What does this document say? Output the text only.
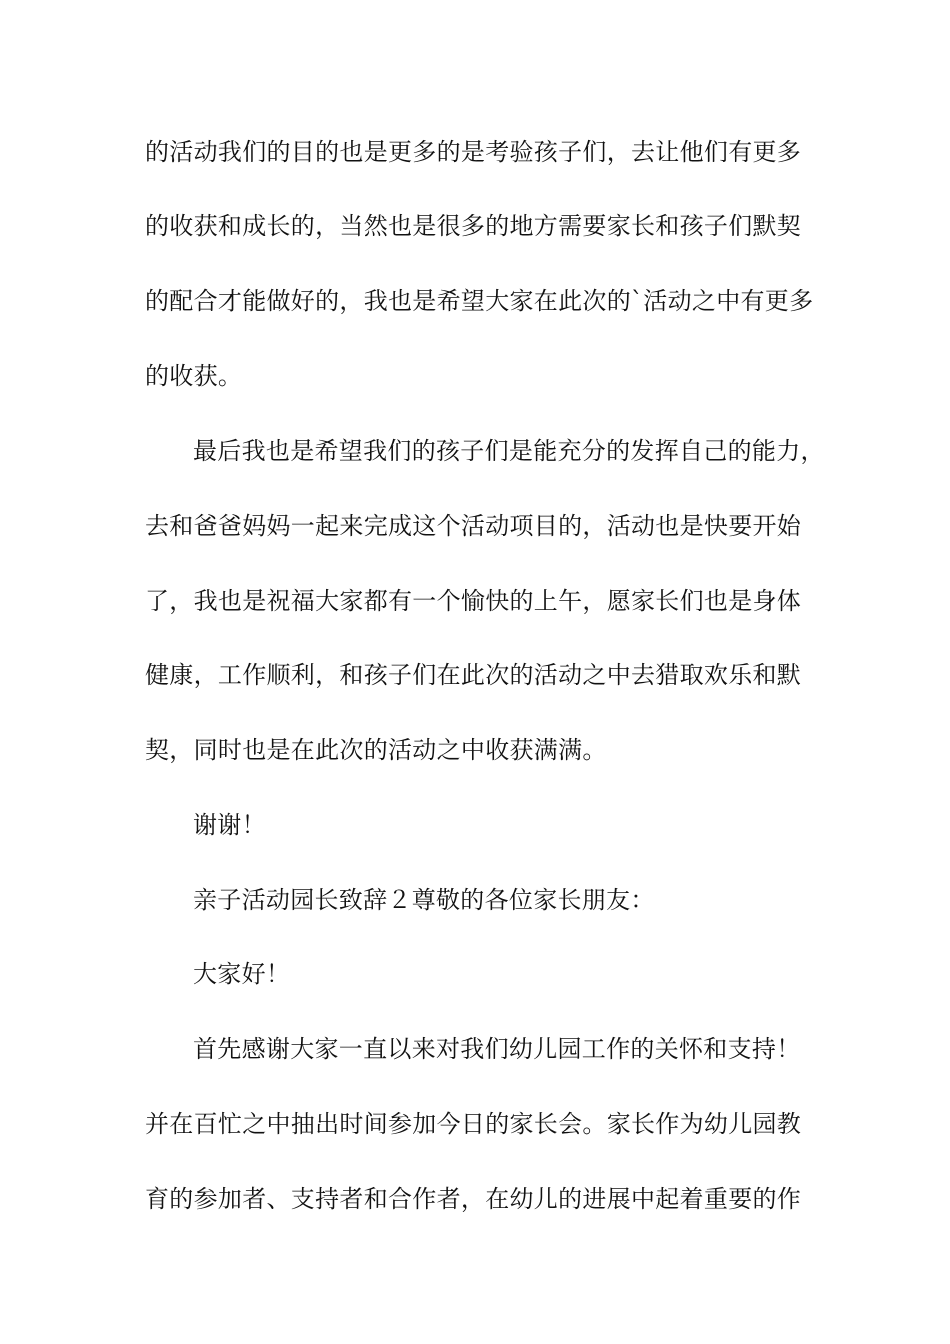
的活动我们的目的也是更多的是考验孩子们，去让他们有更多
的收获和成长的，当然也是很多的地方需要家长和孩子们默契
的配合才能做好的，我也是希望大家在此次的`活动之中有更多
的收获。
最后我也是希望我们的孩子们是能充分的发挥自己的能力，
去和爸爸妈妈一起来完成这个活动项目的，活动也是快要开始
了，我也是祝福大家都有一个愉快的上午，愿家长们也是身体
健康，工作顺利，和孩子们在此次的活动之中去猎取欢乐和默
契，同时也是在此次的活动之中收获满满。
谢谢！
亲子活动园长致辞２尊敬的各位家长朋友：
大家好！
首先感谢大家一直以来对我们幼儿园工作的关怀和支持！
并在百忙之中抽出时间参加今日的家长会。家长作为幼儿园教
育的参加者、支持者和合作者，在幼儿的进展中起着重要的作
